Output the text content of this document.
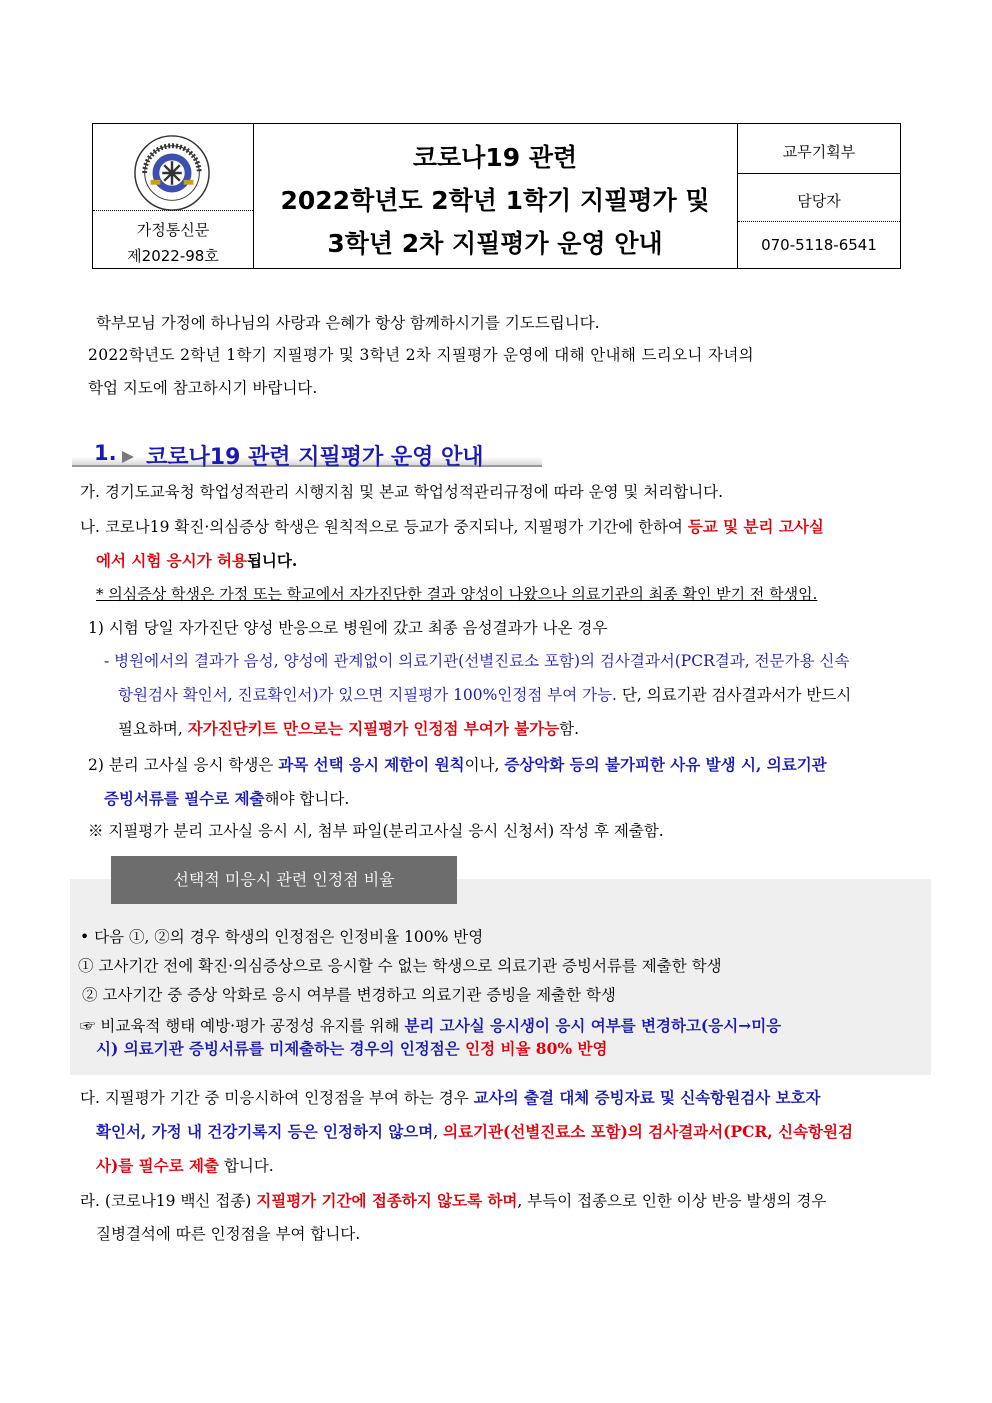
가정통신문
제2022-98호
코로나19 관련
2022학년도 2학년 1학기 지필평가 및
3학년 2차 지필평가 운영 안내
교무기획부
담당자
070-5118-6541
학부모님 가정에 하나님의 사랑과 은혜가 항상 함께하시기를 기도드립니다.
2022학년도 2학년 1학기 지필평가 및 3학년 2차 지필평가 운영에 대해 안내해 드리오니 자녀의
학업 지도에 참고하시기 바랍니다.
1. 코로나19 관련 지필평가 운영 안내
가. 경기도교육청 학업성적관리 시행지침 및 본교 학업성적관리규정에 따라 운영 및 처리합니다.
나. 코로나19 확진·의심증상 학생은 원칙적으로 등교가 중지되나, 지필평가 기간에 한하여 등교 및 분리 고사실
에서 시험 응시가 허용됩니다.
* 의심증상 학생은 가정 또는 학교에서 자가진단한 결과 양성이 나왔으나 의료기관의 최종 확인 받기 전 학생임.
1) 시험 당일 자가진단 양성 반응으로 병원에 갔고 최종 음성결과가 나온 경우
- 병원에서의 결과가 음성, 양성에 관계없이 의료기관(선별진료소 포함)의 검사결과서(PCR결과, 전문가용 신속
항원검사 확인서, 진료확인서)가 있으면 지필평가 100%인정점 부여 가능. 단, 의료기관 검사결과서가 반드시
필요하며, 자가진단키트 만으로는 지필평가 인정점 부여가 불가능함.
2) 분리 고사실 응시 학생은 과목 선택 응시 제한이 원칙이나, 증상악화 등의 불가피한 사유 발생 시, 의료기관
증빙서류를 필수로 제출해야 합니다.
※ 지필평가 분리 고사실 응시 시, 첨부 파일(분리고사실 응시 신청서) 작성 후 제출함.
선택적 미응시 관련 인정점 비율
• 다음 ①, ②의 경우 학생의 인정점은 인정비율 100% 반영
① 고사기간 전에 확진·의심증상으로 응시할 수 없는 학생으로 의료기관 증빙서류를 제출한 학생
② 고사기간 중 증상 악화로 응시 여부를 변경하고 의료기관 증빙을 제출한 학생
☞ 비교육적 행태 예방·평가 공정성 유지를 위해 분리 고사실 응시생이 응시 여부를 변경하고(응시→미응
시) 의료기관 증빙서류를 미제출하는 경우의 인정점은 인정 비율 80% 반영
다. 지필평가 기간 중 미응시하여 인정점을 부여 하는 경우 교사의 출결 대체 증빙자료 및 신속항원검사 보호자
확인서, 가정 내 건강기록지 등은 인정하지 않으며, 의료기관(선별진료소 포함)의 검사결과서(PCR, 신속항원검
사)를 필수로 제출 합니다.
라. (코로나19 백신 접종) 지필평가 기간에 접종하지 않도록 하며, 부득이 접종으로 인한 이상 반응 발생의 경우
질병결석에 따른 인정점을 부여 합니다.
